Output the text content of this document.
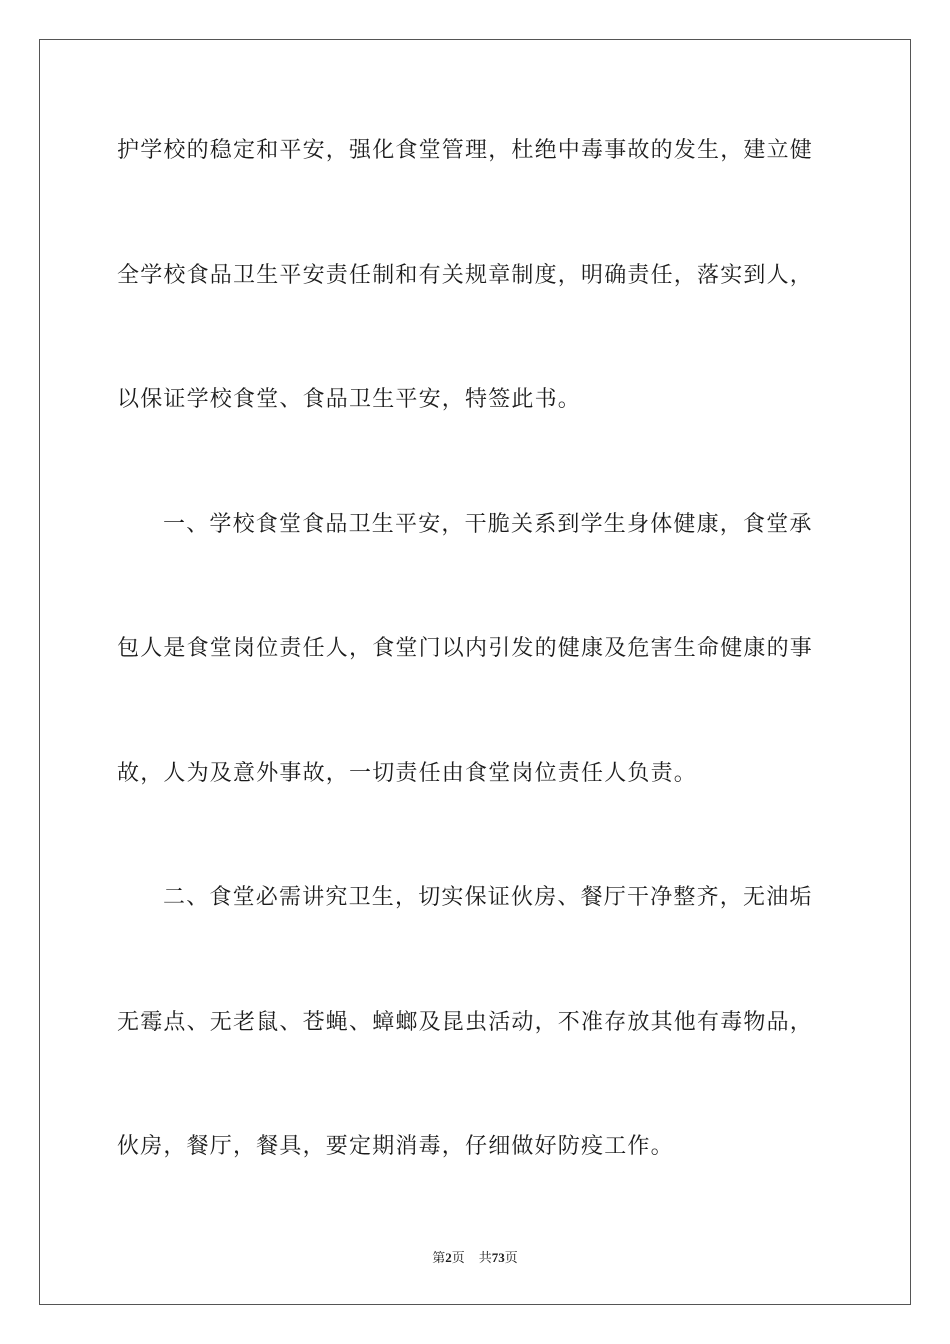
护学校的稳定和平安，强化食堂管理，杜绝中毒事故的发生，建立健
全学校食品卫生平安责任制和有关规章制度，明确责任，落实到人，
以保证学校食堂、食品卫生平安，特签此书。
一、学校食堂食品卫生平安，干脆关系到学生身体健康，食堂承
包人是食堂岗位责任人，食堂门以内引发的健康及危害生命健康的事
故，人为及意外事故，一切责任由食堂岗位责任人负责。
二、食堂必需讲究卫生，切实保证伙房、餐厅干净整齐，无油垢
无霉点、无老鼠、苍蝇、蟑螂及昆虫活动，不准存放其他有毒物品，
伙房，餐厅，餐具，要定期消毒，仔细做好防疫工作。
第2页 共73页
